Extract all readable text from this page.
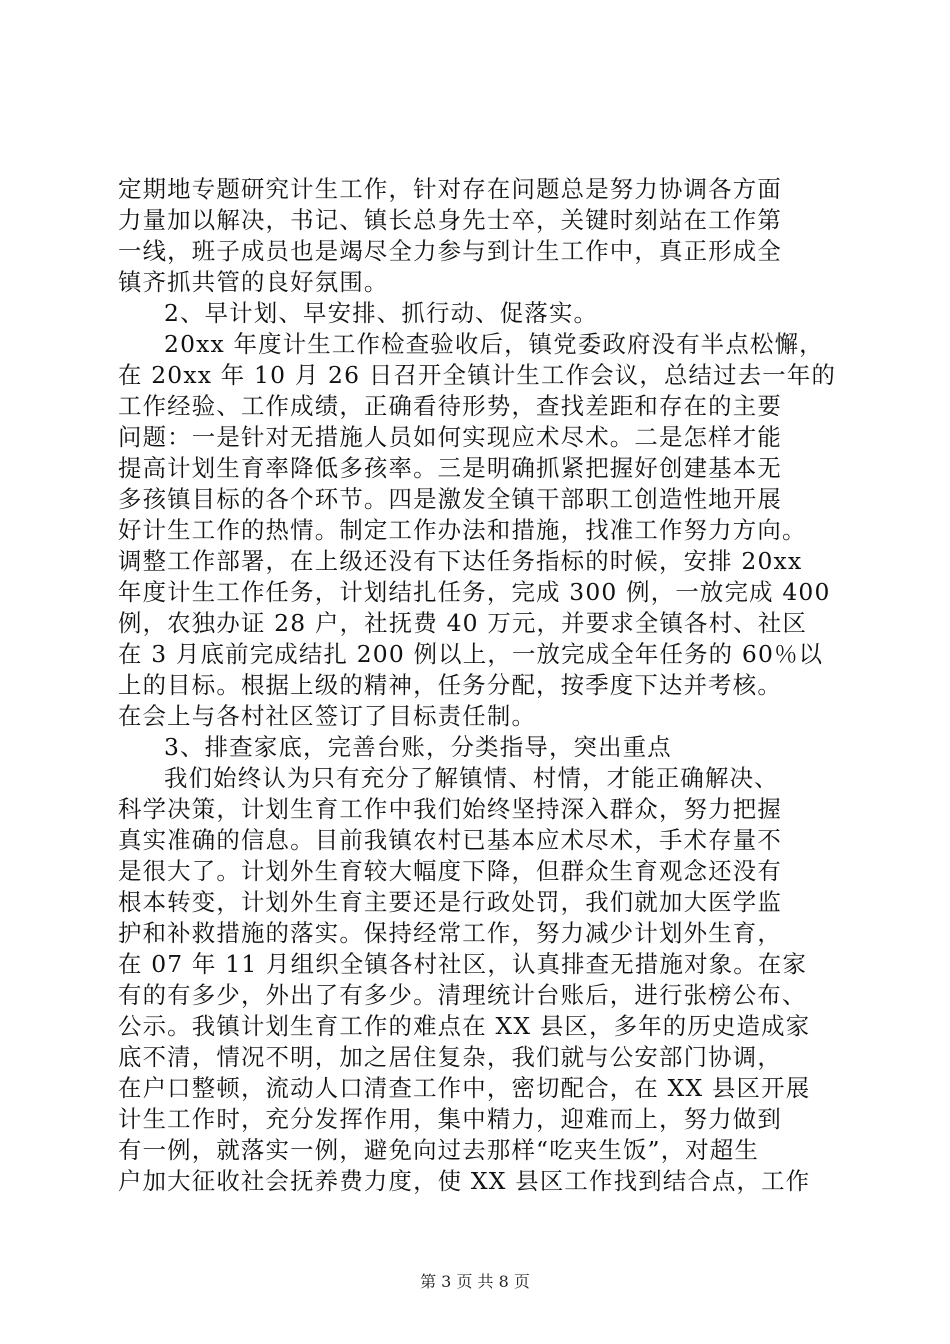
定期地专题研究计生工作，针对存在问题总是努力协调各方面
力量加以解决，书记、镇长总身先士卒，关键时刻站在工作第
一线，班子成员也是竭尽全力参与到计生工作中，真正形成全
镇齐抓共管的良好氛围。
2、早计划、早安排、抓行动、促落实。
20xx 年度计生工作检查验收后，镇党委政府没有半点松懈，
在 20xx 年 10 月 26 日召开全镇计生工作会议，总结过去一年的
工作经验、工作成绩，正确看待形势，查找差距和存在的主要
问题：一是针对无措施人员如何实现应术尽术。二是怎样才能
提高计划生育率降低多孩率。三是明确抓紧把握好创建基本无
多孩镇目标的各个环节。四是激发全镇干部职工创造性地开展
好计生工作的热情。制定工作办法和措施，找准工作努力方向。
调整工作部署，在上级还没有下达任务指标的时候，安排 20xx
年度计生工作任务，计划结扎任务，完成 300 例，一放完成 400
例，农独办证 28 户，社抚费 40 万元，并要求全镇各村、社区
在 3 月底前完成结扎 200 例以上，一放完成全年任务的 60％以
上的目标。根据上级的精神，任务分配，按季度下达并考核。
在会上与各村社区签订了目标责任制。
3、排查家底，完善台账，分类指导，突出重点
我们始终认为只有充分了解镇情、村情，才能正确解决、
科学决策，计划生育工作中我们始终坚持深入群众，努力把握
真实准确的信息。目前我镇农村已基本应术尽术，手术存量不
是很大了。计划外生育较大幅度下降，但群众生育观念还没有
根本转变，计划外生育主要还是行政处罚，我们就加大医学监
护和补救措施的落实。保持经常工作，努力减少计划外生育，
在 07 年 11 月组织全镇各村社区，认真排查无措施对象。在家
有的有多少，外出了有多少。清理统计台账后，进行张榜公布、
公示。我镇计划生育工作的难点在 XX 县区，多年的历史造成家
底不清，情况不明，加之居住复杂，我们就与公安部门协调，
在户口整顿，流动人口清查工作中，密切配合，在 XX 县区开展
计生工作时，充分发挥作用，集中精力，迎难而上，努力做到
有一例，就落实一例，避免向过去那样“吃夹生饭”，对超生
户加大征收社会抚养费力度，使 XX 县区工作找到结合点，工作
第 3 页 共 8 页
